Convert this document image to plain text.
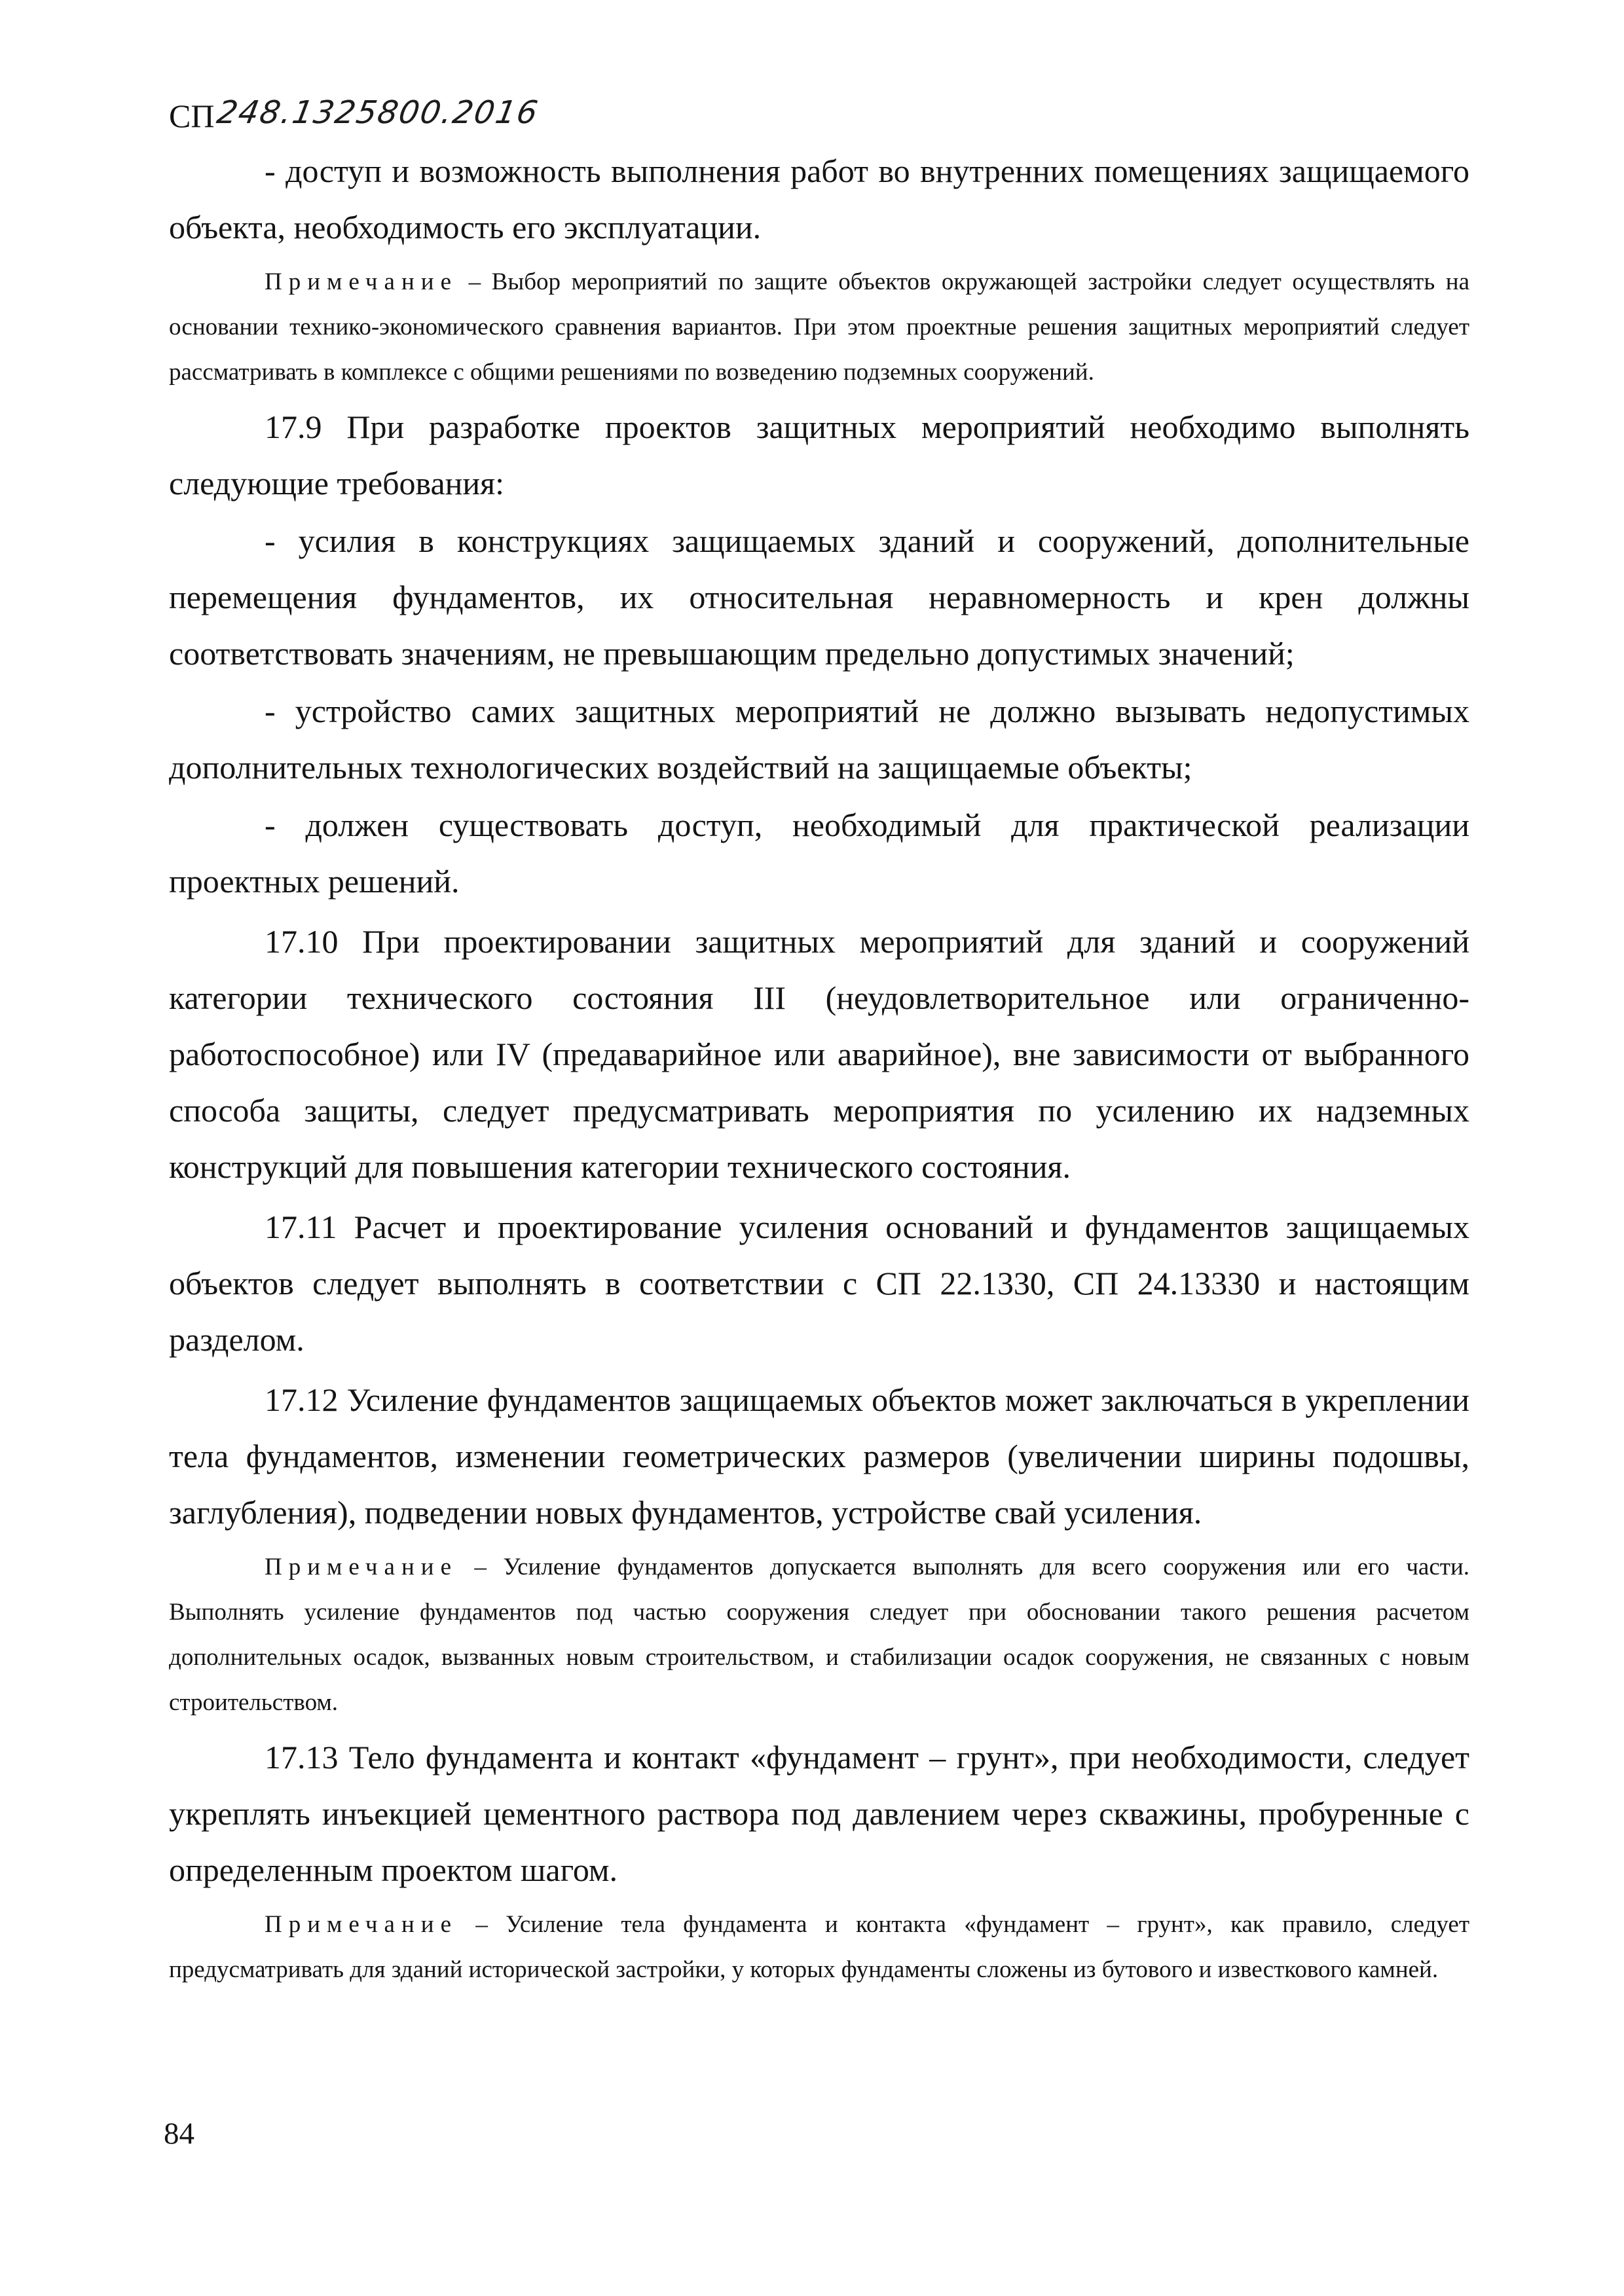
СП 248.1325800.2016

- доступ и возможность выполнения работ во внутренних помещениях защищаемого объекта, необходимость его эксплуатации.

Примечание – Выбор мероприятий по защите объектов окружающей застройки следует осуществлять на основании технико-экономического сравнения вариантов. При этом проектные решения защитных мероприятий следует рассматривать в комплексе с общими решениями по возведению подземных сооружений.

17.9 При разработке проектов защитных мероприятий необходимо выполнять следующие требования:

- усилия в конструкциях защищаемых зданий и сооружений, дополнительные перемещения фундаментов, их относительная неравномерность и крен должны соответствовать значениям, не превышающим предельно допустимых значений;

- устройство самих защитных мероприятий не должно вызывать недопустимых дополнительных технологических воздействий на защищаемые объекты;

- должен существовать доступ, необходимый для практической реализации проектных решений.

17.10 При проектировании защитных мероприятий для зданий и сооружений категории технического состояния III (неудовлетворительное или ограниченно-работоспособное) или IV (предаварийное или аварийное), вне зависимости от выбранного способа защиты, следует предусматривать мероприятия по усилению их надземных конструкций для повышения категории технического состояния.

17.11 Расчет и проектирование усиления оснований и фундаментов защищаемых объектов следует выполнять в соответствии с СП 22.1330, СП 24.13330 и настоящим разделом.

17.12 Усиление фундаментов защищаемых объектов может заключаться в укреплении тела фундаментов, изменении геометрических размеров (увеличении ширины подошвы, заглубления), подведении новых фундаментов, устройстве свай усиления.

Примечание – Усиление фундаментов допускается выполнять для всего сооружения или его части. Выполнять усиление фундаментов под частью сооружения следует при обосновании такого решения расчетом дополнительных осадок, вызванных новым строительством, и стабилизации осадок сооружения, не связанных с новым строительством.

17.13 Тело фундамента и контакт «фундамент – грунт», при необходимости, следует укреплять инъекцией цементного раствора под давлением через скважины, пробуренные с определенным проектом шагом.

Примечание – Усиление тела фундамента и контакта «фундамент – грунт», как правило, следует предусматривать для зданий исторической застройки, у которых фундаменты сложены из бутового и известкового камней.

84
